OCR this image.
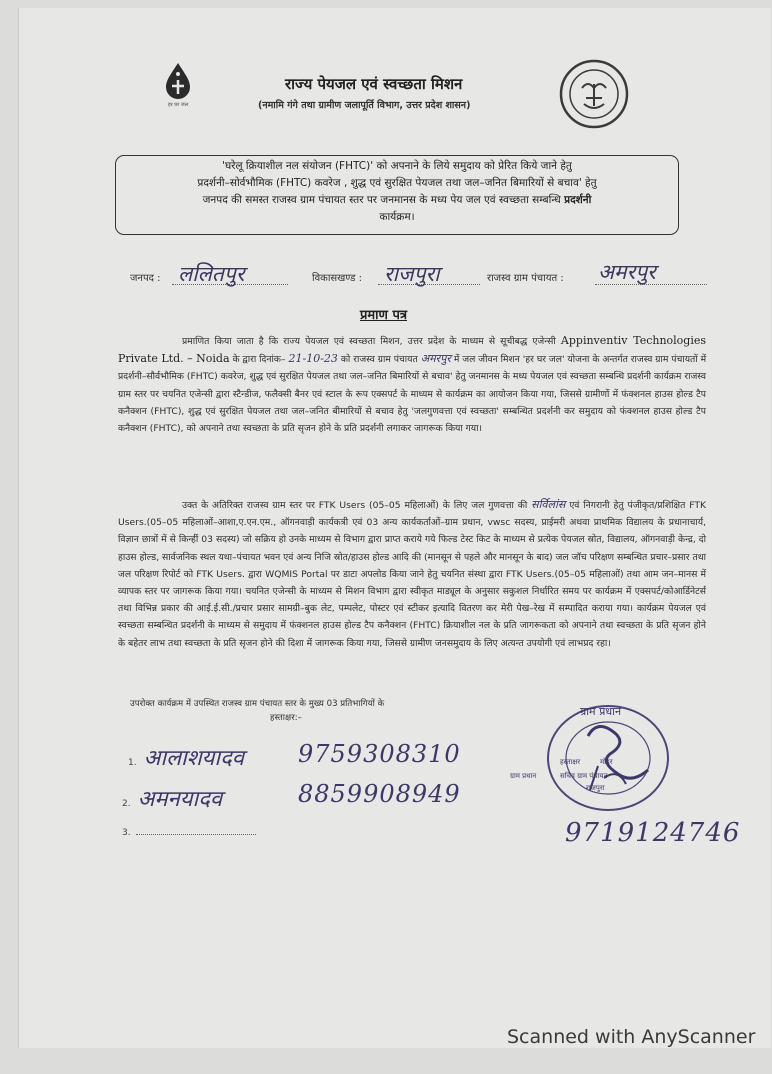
हर घर जल
राज्य पेयजल एवं स्वच्छता मिशन
(नमामि गंगे तथा ग्रामीण जलापूर्ति विभाग, उत्तर प्रदेश शासन)
'घरेलू क्रियाशील नल संयोजन (FHTC)' को अपनाने के लिये समुदाय को प्रेरित किये जाने हेतु
प्रदर्शनी–सोर्वभौमिक (FHTC) कवरेज , शुद्ध एवं सुरक्षित पेयजल तथा जल–जनित बिमारियों से बचाव' हेतु
जनपद की समस्त राजस्व ग्राम पंचायत स्तर पर जनमानस के मध्य पेय जल एवं स्वच्छता सम्बन्धि प्रदर्शनी
कार्यक्रम।
जनपद : ललितपुर	विकासखण्ड : राजपुरा	राजस्व ग्राम पंचायत : अमरपुर
प्रमाण पत्र
प्रमाणित किया जाता है कि राज्य पेयजल एवं स्वच्छता मिशन, उत्तर प्रदेश के माध्यम से सूचीबद्ध एजेन्सी Appinventiv Technologies Private Ltd. – Noida के द्वारा दिनांक– 21-10-23 को राजस्व ग्राम पंचायत अमरपुर में जल जीवन मिशन 'हर घर जल' योजना के अन्तर्गत राजस्व ग्राम पंचायतों में प्रदर्शनी–सौर्वभौमिक (FHTC) कवरेज, शुद्ध एवं सुरक्षित पेयजल तथा जल–जनित बिमारियों से बचाव' हेतु जनमानस के मध्य पेयजल एवं स्वच्छता सम्बन्धि प्रदर्शनी कार्यक्रम राजस्व ग्राम स्तर पर चयनित एजेन्सी द्वारा स्टैन्डीज, फलैक्सी बैनर एवं स्टाल के रूप एक्सपर्ट के माध्यम से कार्यक्रम का आयोजन किया गया, जिससे ग्रामीणों में फंक्शनल हाउस होल्ड टैप कनैक्शन (FHTC), शुद्ध एवं सुरक्षित पेयजल तथा जल–जनित बीमारियों से बचाव हेतु 'जलगुणवत्ता एवं स्वच्छता' सम्बन्धित प्रदर्शनी कर समुदाय को फंक्शनल हाउस होल्ड टैप कनैक्शन (FHTC), को अपनाने तथा स्वच्छता के प्रति सृजन होने के प्रति प्रदर्शनी लगाकर जागरूक किया गया।
उक्त के अतिरिक्त राजस्व ग्राम स्तर पर FTK Users (05–05 महिलाओं) के लिए जल गुणवत्ता की सर्विलांस एवं निगरानी हेतु पंजीकृत/प्रशिक्षित FTK Users.(05–05 महिलाओं–आशा,ए.एन.एम., ऑगनवाड़ी कार्यकत्री एवं 03 अन्य कार्यकर्ताओं–ग्राम प्रधान, vwsc सदस्य, प्राईमरी अथवा प्राथमिक विद्यालय के प्रधानाचार्य, विज्ञान छात्रों में से किन्हीं 03 सदस्य) जो सक्रिय हो उनके माध्यम से विभाग द्वारा प्राप्त कराये गये फिल्ड टेस्ट किट के माध्यम से प्रत्येक पेयजल स्रोत, विद्यालय, ऑगनवाड़ी केन्द्र, दो हाउस होल्ड, सार्वजनिक स्थल यथा–पंचायत भवन एवं अन्य निजि स्रोत/हाउस होल्ड आदि की (मानसून से पहले और मानसून के बाद) जल जॉच परिक्षण सम्बन्धित प्रचार–प्रसार तथा जल परिक्षण रिपोर्ट को FTK Users. द्वारा WQMIS Portal पर डाटा अपलोड किया जाने हेतु चयनित संस्था द्वारा FTK Users.(05–05 महिलाओं) तथा आम जन–मानस में व्यापक स्तर पर जागरूक किया गया। चयनित एजेन्सी के माध्यम से मिशन विभाग द्वारा स्वीकृत माड्यूल के अनुसार सकुशल निर्धारित समय पर कार्यक्रम में एक्सपर्ट/कोआर्डिनेटर्स तथा विभिन्न प्रकार की आई.ई.सी./प्रचार प्रसार सामग्री–बुक लेट, पम्पलेट, पोस्टर एवं स्टीकर इत्यादि वितरण कर मेरी पेख–रेख में सम्पादित कराया गया। कार्यक्रम पेयजल एवं स्वच्छता सम्बन्धित प्रदर्शनी के माध्यम से समुदाय में फंक्शनल हाउस होल्ड टैप कनैक्शन (FHTC) क्रियाशील नल के प्रति जागरूकता को अपनाने तथा स्वच्छता के प्रति सृजन होने के बहेतर लाभ तथा स्वच्छता के प्रति सृजन होने की दिशा में जागरूक किया गया, जिससे ग्रामीण जनसमुदाय के लिए अत्यन्त उपयोगी एवं लाभप्रद रहा।
उपरोक्त कार्यक्रम में उपस्थित राजस्व ग्राम पंचायत स्तर के मुख्य 03 प्रतिभागियों के
हस्ताक्षर:–
1. आलाशयादव 9759308310
2. अमनयादव	8859908949
3.
ग्राम प्रधान
ग्राम प्रधान	सचिव ग्राम पंचायत
राजपुरा
हस्ताक्षर	मोहर
9719124746
Scanned with AnyScanner
